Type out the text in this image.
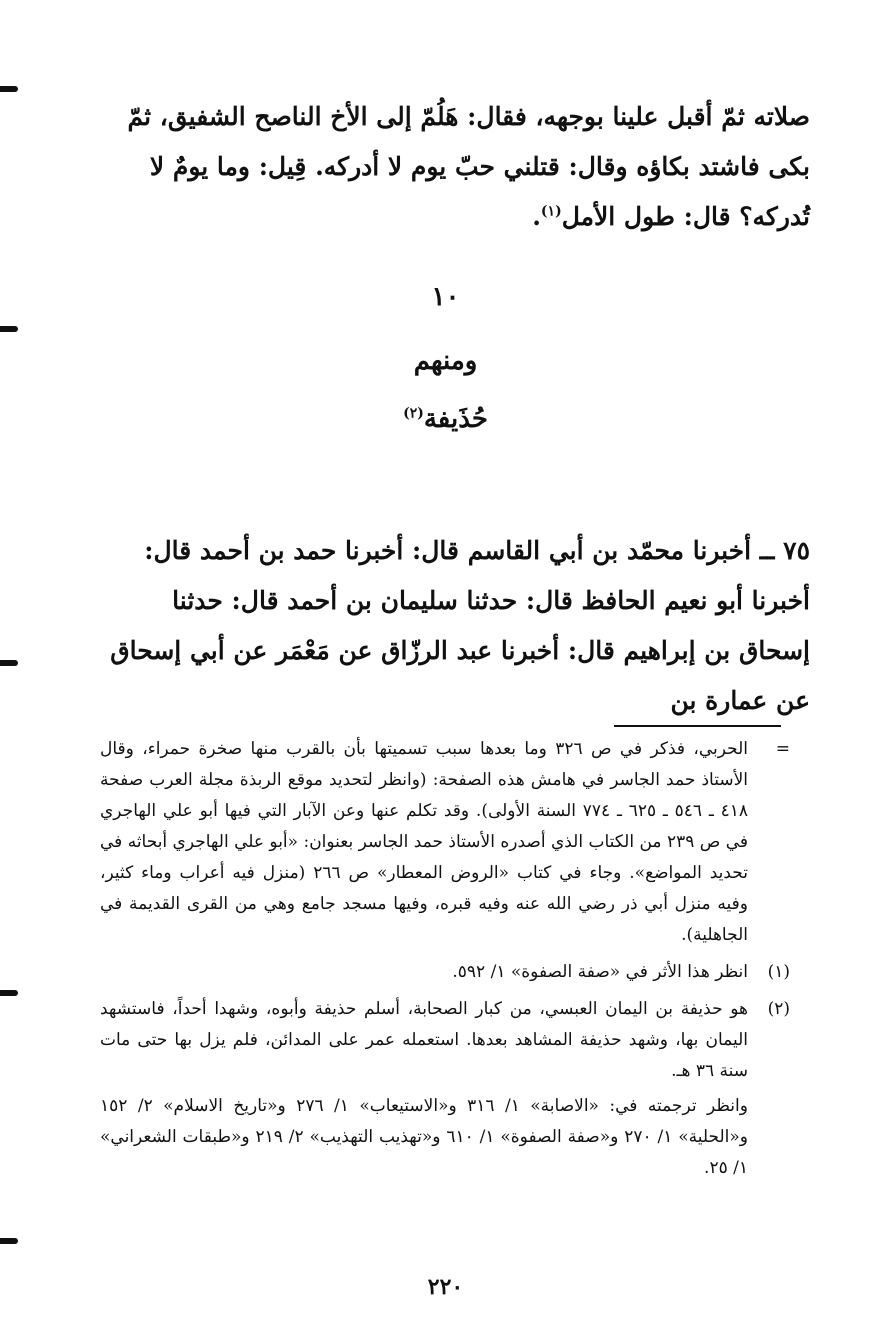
صلاته ثمّ أقبل علينا بوجهه، فقال: هَلُمّ إلى الأخ الناصح الشفيق، ثمّ بكى فاشتد بكاؤه وقال: قتلني حبّ يوم لا أدركه. قِيل: وما يومٌ لا تُدركه؟ قال: طول الأمل$^{(١)}$.

١٠
ومنهم
حُذَيفة$^{(٢)}$

٧٥ ــ أخبرنا محمّد بن أبي القاسم قال: أخبرنا حمد بن أحمد قال: أخبرنا أبو نعيم الحافظ قال: حدثنا سليمان بن أحمد قال: حدثنا إسحاق بن إبراهيم قال: أخبرنا عبد الرزّاق عن مَعْمَر عن أبي إسحاق عن عمارة بن

=
الحربي، فذكر في ص ٣٢٦ وما بعدها سبب تسميتها بأن بالقرب منها صخرة حمراء، وقال الأستاذ حمد الجاسر في هامش هذه الصفحة: (وانظر لتحديد موقع الربذة مجلة العرب صفحة ٤١٨ ـ ٥٤٦ ـ ٦٢٥ ـ ٧٧٤ السنة الأولى). وقد تكلم عنها وعن الآبار التي فيها أبو علي الهاجري في ص ٢٣٩ من الكتاب الذي أصدره الأستاذ حمد الجاسر بعنوان: «أبو علي الهاجري أبحاثه في تحديد المواضع». وجاء في كتاب «الروض المعطار» ص ٢٦٦ (منزل فيه أعراب وماء كثير، وفيه منزل أبي ذر رضي الله عنه وفيه قبره، وفيها مسجد جامع وهي من القرى القديمة في الجاهلية).
(١)
انظر هذا الأثر في «صفة الصفوة» ١/ ٥٩٢.
(٢)
هو حذيفة بن اليمان العبسي، من كبار الصحابة، أسلم حذيفة وأبوه، وشهدا أحداً، فاستشهد اليمان بها، وشهد حذيفة المشاهد بعدها. استعمله عمر على المدائن، فلم يزل بها حتى مات سنة ٣٦ هـ.

وانظر ترجمته في: «الاصابة» ١/ ٣١٦ و«الاستيعاب» ١/ ٢٧٦ و«تاريخ الاسلام» ٢/ ١٥٢ و«الحلية» ١/ ٢٧٠ و«صفة الصفوة» ١/ ٦١٠ و«تهذيب التهذيب» ٢/ ٢١٩ و«طبقات الشعراني» ١/ ٢٥.

٢٢٠
